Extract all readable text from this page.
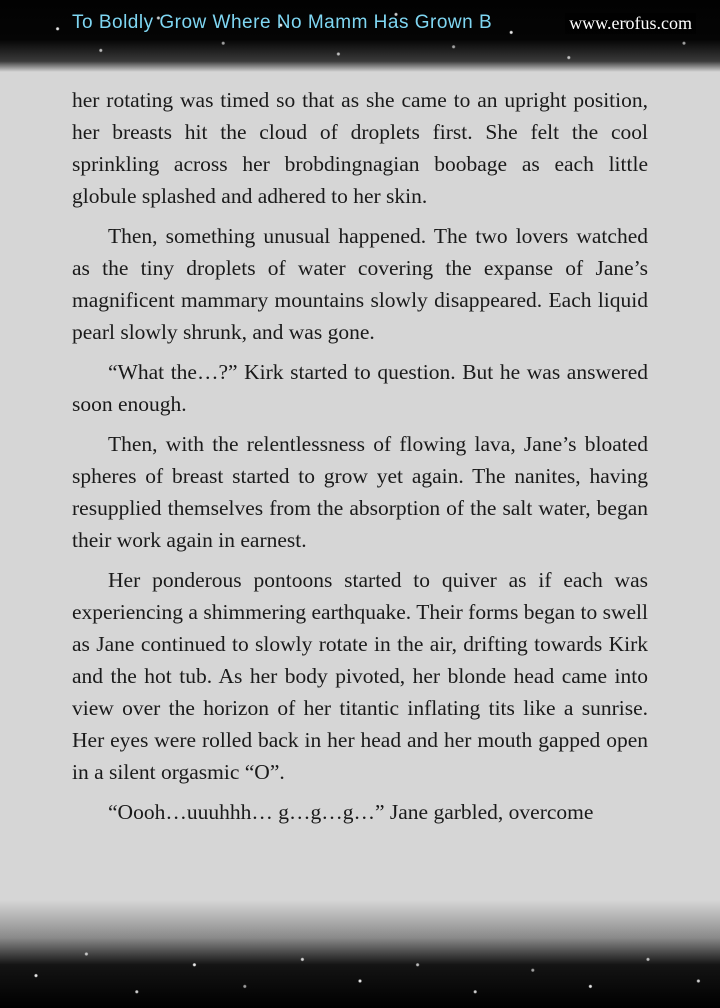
To Boldly Grow Where No Mamm Has Grown B	www.erofus.com

her rotating was timed so that as she came to an upright position, her breasts hit the cloud of droplets first. She felt the cool sprinkling across her brobdingnagian boobage as each little globule splashed and adhered to her skin.

Then, something unusual happened. The two lovers watched as the tiny droplets of water covering the expanse of Jane’s magnificent mammary mountains slowly disappeared. Each liquid pearl slowly shrunk, and was gone.

“What the…?” Kirk started to question. But he was answered soon enough.

Then, with the relentlessness of flowing lava, Jane’s bloated spheres of breast started to grow yet again. The nanites, having resupplied themselves from the absorption of the salt water, began their work again in earnest.

Her ponderous pontoons started to quiver as if each was experiencing a shimmering earthquake. Their forms began to swell as Jane continued to slowly rotate in the air, drifting towards Kirk and the hot tub. As her body pivoted, her blonde head came into view over the horizon of her titantic inflating tits like a sunrise. Her eyes were rolled back in her head and her mouth gapped open in a silent orgasmic “O”.

“Oooh…uuuhhh… g…g…g…” Jane garbled, overcome
